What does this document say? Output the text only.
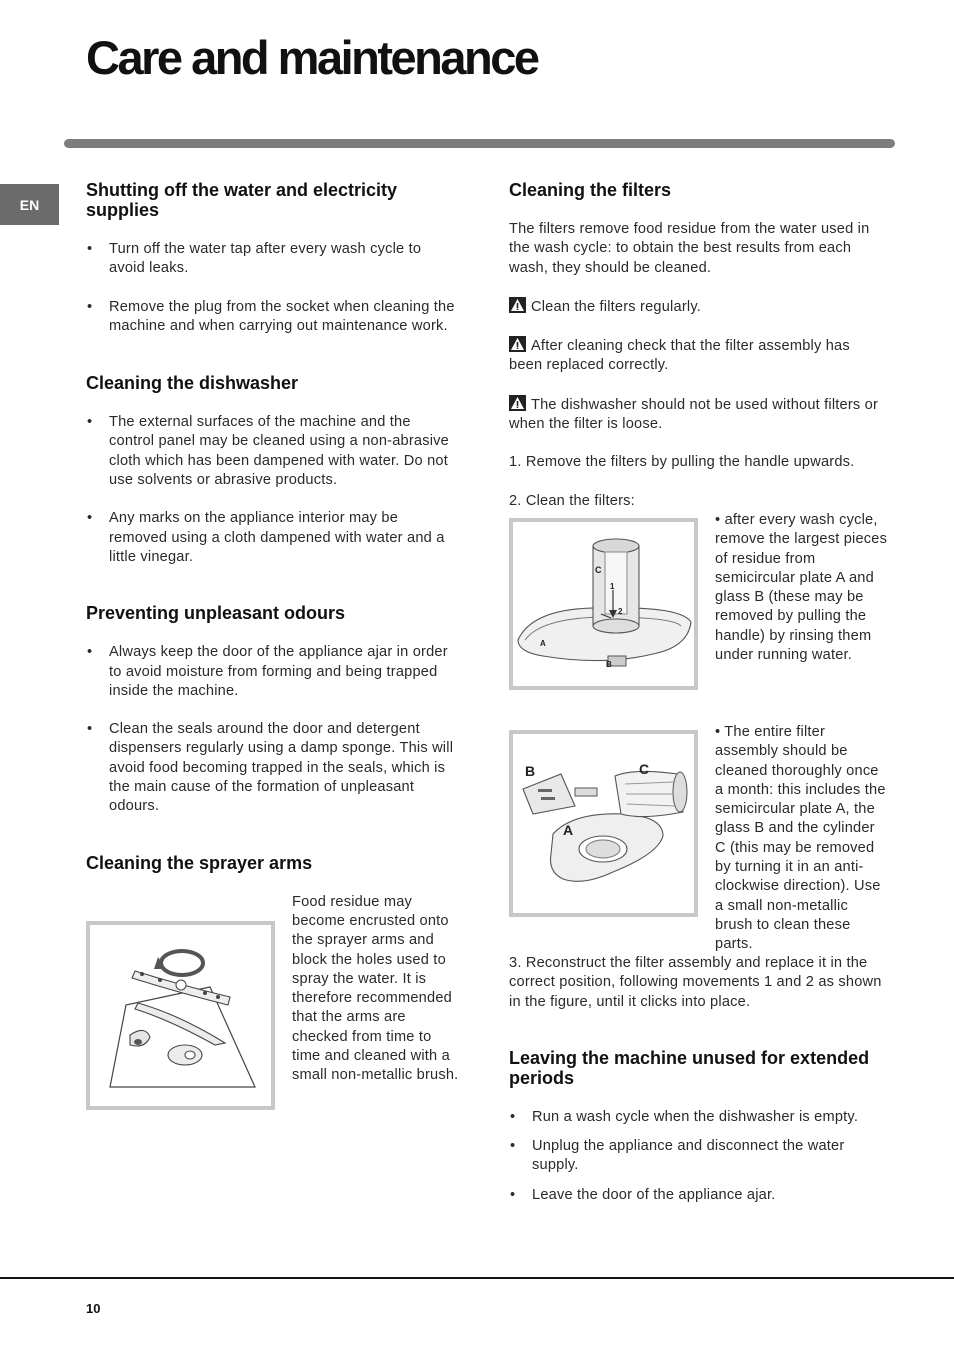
Care and maintenance
EN
Shutting off the water and electricity supplies
• Turn off the water tap after every wash cycle to avoid leaks.
• Remove the plug from the socket when cleaning the machine and when carrying out maintenance work.
Cleaning the dishwasher
• The external surfaces of the machine and the control panel may be cleaned using a non-abrasive cloth which has been dampened with water. Do not use solvents or abrasive products.
• Any marks on the appliance interior may be removed using a cloth dampened with water and a little vinegar.
Preventing unpleasant odours
• Always keep the door of the appliance ajar in order to avoid moisture from forming and being trapped inside the machine.
• Clean the seals around the door and detergent dispensers regularly using a damp sponge. This will avoid food becoming trapped in the seals, which is the main cause of the formation of unpleasant odours.
Cleaning the sprayer arms

Food residue may become encrusted onto the sprayer arms and block the holes used to spray the water. It is therefore recommended that the arms are checked from time to time and cleaned with a small non-metallic brush.

Cleaning the filters

The filters remove food residue from the water used in the wash cycle: to obtain the best results from each wash, they should be cleaned.

Clean the filters regularly.

After cleaning check that the filter assembly has been replaced correctly.

The dishwasher should not be used without filters or when the filter is loose.

1. Remove the filters by pulling the handle upwards.

2. Clean the filters:

• after every wash cycle, remove the largest pieces of residue from semicircular plate A and glass B (these may be removed by pulling the handle) by rinsing them under running water.

• The entire filter assembly should be cleaned thoroughly once a month: this includes the semicircular plate A, the glass B and the cylinder C (this may be removed by turning it in an anti-clockwise direction). Use a small non-metallic brush to clean these parts.

3. Reconstruct the filter assembly and replace it in the correct position, following movements 1 and 2 as shown in the figure, until it clicks into place.

Leaving the machine unused for extended periods
• Run a wash cycle when the dishwasher is empty.
• Unplug the appliance and disconnect the water supply.
• Leave the door of the appliance ajar.
C
1
2
A
B
B	C
A
10
